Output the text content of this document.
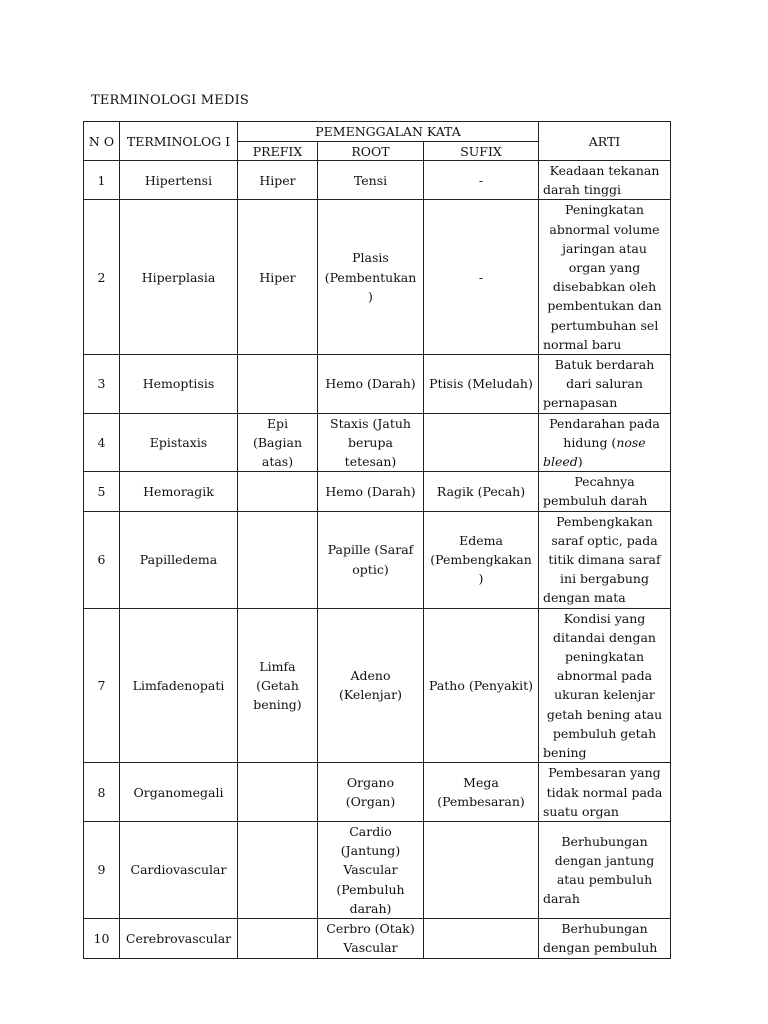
TERMINOLOGI MEDIS
N O	TERMINOLOG I	PEMENGGALAN KATA			ARTI
		PREFIX	ROOT	SUFIX	
1	Hipertensi	Hiper	Tensi	-	Keadaan tekanan darah tinggi
2	Hiperplasia	Hiper	Plasis (Pembentukan )	-	Peningkatan abnormal volume jaringan atau organ yang disebabkan oleh pembentukan dan pertumbuhan sel normal baru
3	Hemoptisis		Hemo (Darah)	Ptisis (Meludah)	Batuk berdarah dari saluran pernapasan
4	Epistaxis	Epi (Bagian atas)	Staxis (Jatuh berupa tetesan)		Pendarahan pada hidung (nose bleed)
5	Hemoragik		Hemo (Darah)	Ragik (Pecah)	Pecahnya pembuluh darah
6	Papilledema		Papille (Saraf optic)	Edema (Pembengkakan )	Pembengkakan saraf optic, pada titik dimana saraf ini bergabung dengan mata
7	Limfadenopati	Limfa (Getah bening)	Adeno (Kelenjar)	Patho (Penyakit)	Kondisi yang ditandai dengan peningkatan abnormal pada ukuran kelenjar getah bening atau pembuluh getah bening
8	Organomegali		Organo (Organ)	Mega (Pembesaran)	Pembesaran yang tidak normal pada suatu organ
9	Cardiovascular		Cardio (Jantung) Vascular (Pembuluh darah)		Berhubungan dengan jantung atau pembuluh darah
10	Cerebrovascular		Cerbro (Otak) Vascular		Berhubungan dengan pembuluh
